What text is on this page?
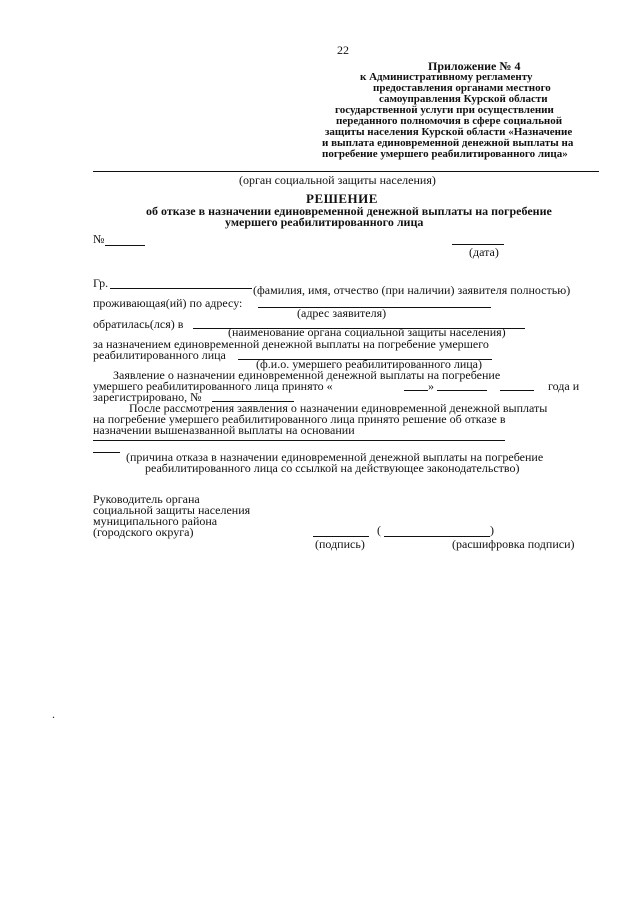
22
Приложение № 4
к Административному регламенту
предоставления органами местного
самоуправления Курской области
государственной услуги при осуществлении
переданного полномочия в сфере социальной
защиты населения Курской области «Назначение
и выплата единовременной денежной выплаты на
погребение умершего реабилитированного лица»
(орган социальной защиты населения)
РЕШЕНИЕ
об отказе в назначении единовременной денежной выплаты на погребение
умершего реабилитированного лица
№
(дата)
Гр.	(фамилия, имя, отчество (при наличии) заявителя полностью)
проживающая(ий) по адресу:
(адрес заявителя)
обратилась(лся) в
(наименование органа социальной защиты населения)
за назначением единовременной денежной выплаты на погребение умершего
реабилитированного лица
(ф.и.о. умершего реабилитированного лица)
Заявление о назначении единовременной денежной выплаты на погребение
умершего реабилитированного лица принято «	»	года и
зарегистрировано, №
После рассмотрения заявления о назначении единовременной денежной выплаты
на погребение умершего реабилитированного лица принято решение об отказе в
назначении вышеназванной выплаты на основании
(причина отказа в назначении единовременной денежной выплаты на погребение
реабилитированного лица со ссылкой на действующее законодательство)
Руководитель органа
социальной защиты населения
муниципального района
(городского округа)
(подпись)
(	)
(расшифровка подписи)
.
